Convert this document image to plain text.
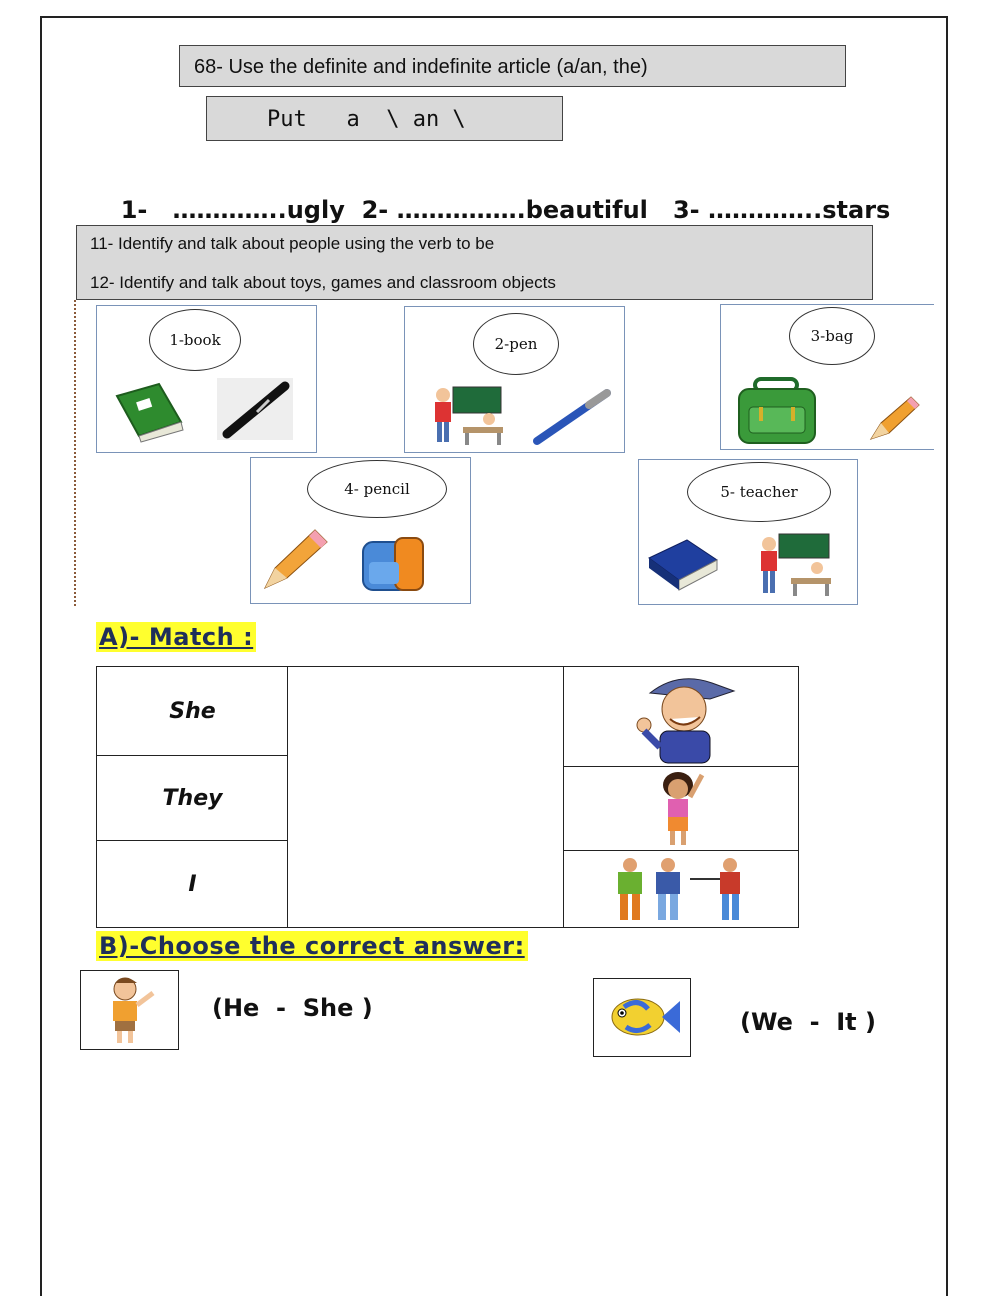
68- Use the definite and indefinite article (a/an, the)
Put   a  \ an \

1- …………..ugly 2- …………….beautiful 3- …………..stars

11- Identify and talk about people using the verb to be
12- Identify and talk about toys, games and classroom objects
1-book	2-pen	3-bag
4- pencil	5- teacher
A)- Match :
She
They
I
B)-Choose the correct answer:
(He  -  She )	(We  -  It )
